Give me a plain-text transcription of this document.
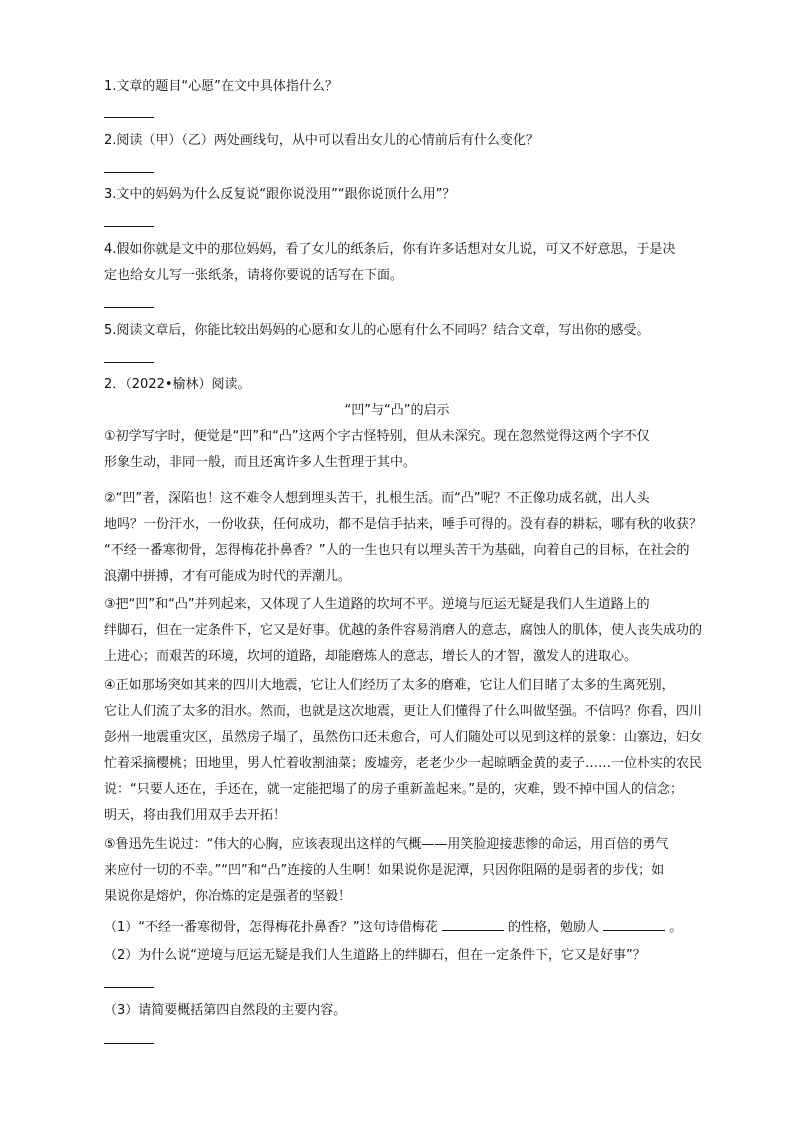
1.文章的题目“心愿”在文中具体指什么？
2.阅读（甲）（乙）两处画线句，从中可以看出女儿的心情前后有什么变化？
3.文中的妈妈为什么反复说“跟你说没用”“跟你说顶什么用”？
4.假如你就是文中的那位妈妈，看了女儿的纸条后，你有许多话想对女儿说，可又不好意思，于是决
定也给女儿写一张纸条，请将你要说的话写在下面。
5.阅读文章后，你能比较出妈妈的心愿和女儿的心愿有什么不同吗？结合文章，写出你的感受。
2．（2022•榆林）阅读。
“凹”与“凸”的启示
①初学写字时，便觉是“凹”和“凸”这两个字古怪特别，但从未深究。现在忽然觉得这两个字不仅
形象生动，非同一般，而且还寓许多人生哲理于其中。
②“凹”者，深陷也！这不难令人想到埋头苦干，扎根生活。而“凸”呢？不正像功成名就，出人头
地吗？一份汗水，一份收获，任何成功，都不是信手拈来，唾手可得的。没有春的耕耘，哪有秋的收获？
“不经一番寒彻骨，怎得梅花扑鼻香？”人的一生也只有以埋头苦干为基础，向着自己的目标，在社会的
浪潮中拼搏，才有可能成为时代的弄潮儿。
③把“凹”和“凸”并列起来，又体现了人生道路的坎坷不平。逆境与厄运无疑是我们人生道路上的
绊脚石，但在一定条件下，它又是好事。优越的条件容易消磨人的意志，腐蚀人的肌体，使人丧失成功的
上进心；而艰苦的环境，坎坷的道路，却能磨炼人的意志，增长人的才智，激发人的进取心。
④正如那场突如其来的四川大地震，它让人们经历了太多的磨难，它让人们目睹了太多的生离死别，
它让人们流了太多的泪水。然而，也就是这次地震，更让人们懂得了什么叫做坚强。不信吗？你看，四川
彭州一地震重灾区，虽然房子塌了，虽然伤口还未愈合，可人们随处可以见到这样的景象：山寨边，妇女
忙着采摘樱桃；田地里，男人忙着收割油菜；废墟旁，老老少少一起晾晒金黄的麦子……一位朴实的农民
说：“只要人还在，手还在，就一定能把塌了的房子重新盖起来。”是的，灾难，毁不掉中国人的信念；
明天，将由我们用双手去开拓！
⑤鲁迅先生说过：“伟大的心胸，应该表现出这样的气概——用笑脸迎接悲惨的命运，用百倍的勇气
来应付一切的不幸。”“凹”和“凸”连接的人生啊！如果说你是泥潭，只因你阻隔的是弱者的步伐；如
果说你是熔炉，你冶炼的定是强者的坚毅！
（1）“不经一番寒彻骨，怎得梅花扑鼻香？”这句诗借梅花	的性格，勉励人	。
（2）为什么说“逆境与厄运无疑是我们人生道路上的绊脚石，但在一定条件下，它又是好事”？
（3）请简要概括第四自然段的主要内容。
